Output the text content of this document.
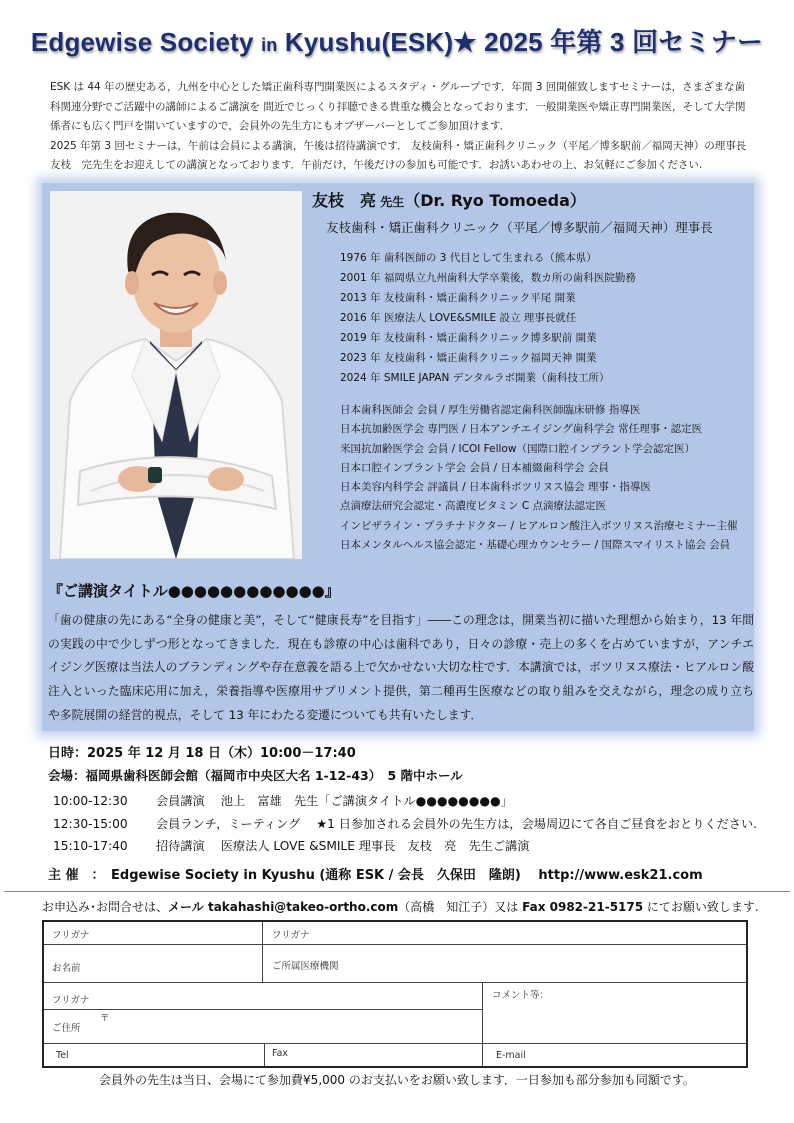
Edgewise Society in Kyushu(ESK)★ 2025 年第 3 回セミナー

ESK は 44 年の歴史ある，九州を中心とした矯正歯科専門開業医によるスタディ・グループです．年間 3 回開催致しますセミナーは，さまざまな歯科関連分野でご活躍中の講師によるご講演を 間近でじっくり拝聴できる貴重な機会となっております．一般開業医や矯正専門開業医，そして大学関係者にも広く門戸を開いていますので，会員外の先生方にもオブザーバーとしてご参加頂けます．

2025 年第 3 回セミナーは，午前は会員による講演，午後は招待講演です． 友枝歯科・矯正歯科クリニック（平尾／博多駅前／福岡天神）の理事長　友枝　完先生をお迎えしての講演となっております．午前だけ，午後だけの参加も可能です．お誘いあわせの上、お気軽にご参加ください.

友枝　亮 先生（Dr. Ryo Tomoeda）
友枝歯科・矯正歯科クリニック（平尾／博多駅前／福岡天神）理事長
1976 年 歯科医師の 3 代目として生まれる（熊本県）
2001 年 福岡県立九州歯科大学卒業後，数カ所の歯科医院勤務
2013 年 友枝歯科・矯正歯科クリニック平尾 開業
2016 年 医療法人 LOVE&SMILE 設立 理事長就任
2019 年 友枝歯科・矯正歯科クリニック博多駅前 開業
2023 年 友枝歯科・矯正歯科クリニック福岡天神 開業
2024 年 SMILE JAPAN デンタルラボ開業（歯科技工所）
日本歯科医師会 会員 / 厚生労働省認定歯科医師臨床研修 指導医
日本抗加齢医学会 専門医 / 日本アンチエイジング歯科学会 常任理事・認定医
米国抗加齢医学会 会員 / ICOI Fellow（国際口腔インプラント学会認定医）
日本口腔インプラント学会 会員 / 日本補綴歯科学会 会員
日本美容内科学会 評議員 / 日本歯科ボツリヌス協会 理事・指導医
点滴療法研究会認定・高濃度ビタミン C 点滴療法認定医
インビザライン・プラチナドクター / ヒアルロン酸注入ボツリヌス治療セミナー主催
日本メンタルヘルス協会認定・基礎心理カウンセラー / 国際スマイリスト協会 会員
『ご講演タイトル●●●●●●●●●●●●』
「歯の健康の先にある“全身の健康と美”，そして“健康長寿”を目指す」――この理念は，開業当初に描いた理想から始まり，13 年間の実践の中で少しずつ形となってきました．現在も診療の中心は歯科であり，日々の診療・売上の多くを占めていますが，アンチエイジング医療は当法人のブランディングや存在意義を語る上で欠かせない大切な柱です．本講演では，ボツリヌス療法・ヒアルロン酸注入といった臨床応用に加え，栄養指導や医療用サプリメント提供，第二種再生医療などの取り組みを交えながら，理念の成り立ちや多院展開の経営的視点，そして 13 年にわたる変遷についても共有いたします．
日時：2025 年 12 月 18 日（木）10:00－17:40
会場：福岡県歯科医師会館（福岡市中央区大名 1-12-43）　5 階中ホール
10:00-12:30 会員講演　 池上　富雄　先生「ご講演タイトル●●●●●●●●」
12:30-15:00 会員ランチ，ミーティング　 ★1 日参加される会員外の先生方は，会場周辺にて各自ご昼食をおとりください.
15:10-17:40 招待講演　 医療法人 LOVE &SMILE 理事長　友枝　亮　先生ご講演
主 催　：　Edgewise Society in Kyushu (通称 ESK / 会長　久保田　隆朗)　 http://www.esk21.com
お申込み･お問合せは、メール takahashi@takeo-ortho.com（高橋　知江子）又は Fax 0982-21-5175 にてお願い致します.
フリガナ	フリガナ
お名前	ご所属医療機関
フリガナ	コメント等：
〒
ご住所
Tel	Fax	E-mail
会員外の先生は当日、会場にて参加費¥5,000 のお支払いをお願い致します．一日参加も部分参加も同額です。
